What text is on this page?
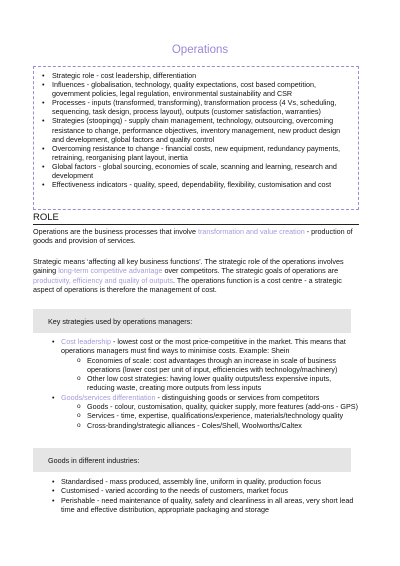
Operations
• Strategic role - cost leadership, differentiation
• Influences - globalisation, technology, quality expectations, cost based competition, government policies, legal regulation, environmental sustainability and CSR
• Processes - inputs (transformed, transforming), transformation process (4 Vs, scheduling, sequencing, task design, process layout), outputs (customer satisfaction, warranties)
• Strategies (stoopingq) - supply chain management, technology, outsourcing, overcoming resistance to change, performance objectives, inventory management, new product design and development, global factors and quality control
• Overcoming resistance to change - financial costs, new equipment, redundancy payments, retraining, reorganising plant layout, inertia
• Global factors - global sourcing, economies of scale, scanning and learning, research and development
• Effectiveness indicators - quality, speed, dependability, flexibility, customisation and cost
ROLE

Operations are the business processes that involve transformation and value creation - production of goods and provision of services.

Strategic means ‘affecting all key business functions’. The strategic role of the operations involves gaining long-term competitive advantage over competitors. The strategic goals of operations are productivity, efficiency and quality of outputs. The operations function is a cost centre - a strategic aspect of operations is therefore the management of cost.

Key strategies used by operations managers:
• Cost leadership - lowest cost or the most price-competitive in the market. This means that operations managers must find ways to minimise costs. Example: Shein
o Economies of scale: cost advantages through an increase in scale of business operations (lower cost per unit of input, efficiencies with technology/machinery)
o Other low cost strategies: having lower quality outputs/less expensive inputs, reducing waste, creating more outputs from less inputs
• Goods/services differentiation - distinguishing goods or services from competitors
o Goods - colour, customisation, quality, quicker supply, more features (add-ons - GPS)
o Services - time, expertise, qualifications/experience, materials/technology quality
o Cross-branding/strategic alliances - Coles/Shell, Woolworths/Caltex
Goods in different industries:
• Standardised - mass produced, assembly line, uniform in quality, production focus
• Customised - varied according to the needs of customers, market focus
• Perishable - need maintenance of quality, safety and cleanliness in all areas, very short lead time and effective distribution, appropriate packaging and storage
